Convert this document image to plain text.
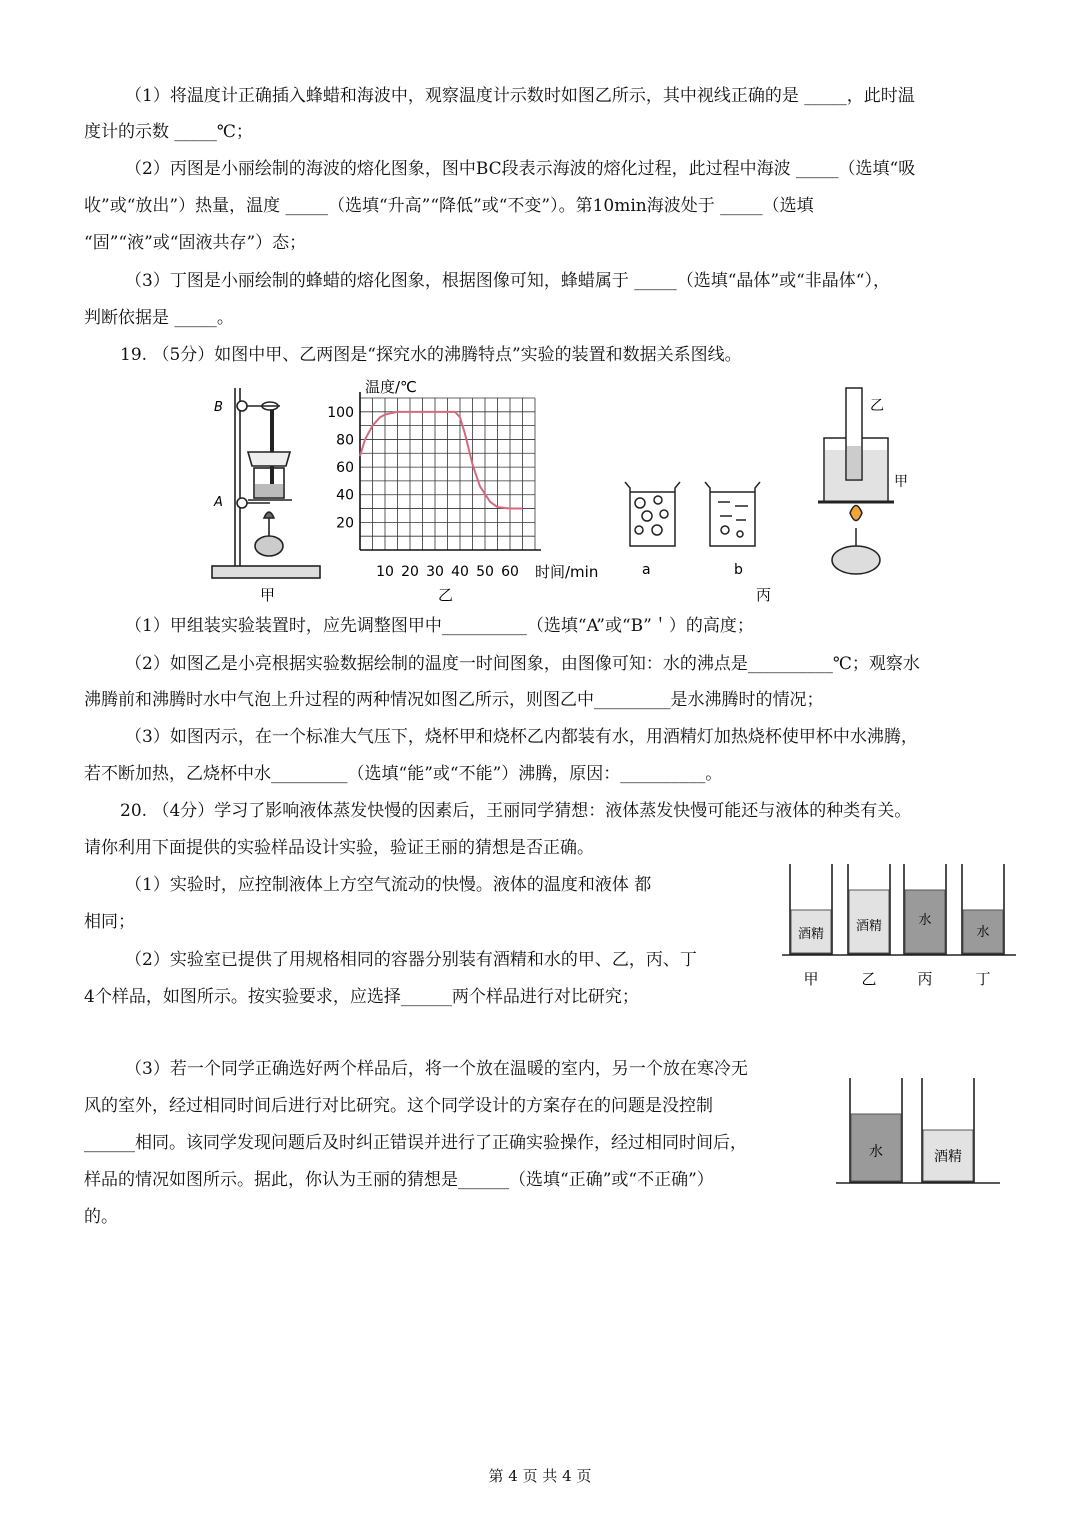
（1）将温度计正确插入蜂蜡和海波中，观察温度计示数时如图乙所示，其中视线正确的是 _____，此时温
度计的示数 _____℃；
（2）丙图是小丽绘制的海波的熔化图象，图中BC段表示海波的熔化过程，此过程中海波 _____（选填“吸
收”或“放出”）热量，温度 _____（选填“升高”“降低”或“不变”）。第10min海波处于 _____（选填
“固”“液”或“固液共存”）态；
（3）丁图是小丽绘制的蜂蜡的熔化图象，根据图像可知，蜂蜡属于 _____（选填“晶体”或“非晶体“），
判断依据是 _____。
19. （5分）如图中甲、乙两图是“探究水的沸腾特点”实验的装置和数据关系图线。
B
A
甲
10 20 30 40 50 60
20
40
60
80
100
温度/℃
时间/min
乙
a	b
乙
甲
丙
（1）甲组装实验装置时，应先调整图甲中__________（选填“A”或“B”＇）的高度；
（2）如图乙是小亮根据实验数据绘制的温度一时间图象，由图像可知：水的沸点是__________℃；观察水
沸腾前和沸腾时水中气泡上升过程的两种情况如图乙所示，则图乙中_________是水沸腾时的情况；
（3）如图丙示，在一个标准大气压下，烧杯甲和烧杯乙内都装有水，用酒精灯加热烧杯使甲杯中水沸腾，
若不断加热，乙烧杯中水_________（选填“能”或“不能”）沸腾，原因：__________。
20. （4分）学习了影响液体蒸发快慢的因素后，王丽同学猜想：液体蒸发快慢可能还与液体的种类有关。
请你利用下面提供的实验样品设计实验，验证王丽的猜想是否正确。
（1）实验时，应控制液体上方空气流动的快慢。液体的温度和液体 都
相同；
（2）实验室已提供了用规格相同的容器分别装有酒精和水的甲、乙，丙、丁
4个样品，如图所示。按实验要求，应选择______两个样品进行对比研究；
酒精
酒精	水
水
甲	乙	丙	丁
（3）若一个同学正确选好两个样品后，将一个放在温暖的室内，另一个放在寒冷无
风的室外，经过相同时间后进行对比研究。这个同学设计的方案存在的问题是没控制
______相同。该同学发现问题后及时纠正错误并进行了正确实验操作，经过相同时间后，
样品的情况如图所示。据此，你认为王丽的猜想是______（选填“正确”或“不正确”）
的。
水	酒精
第 4 页 共 4 页
